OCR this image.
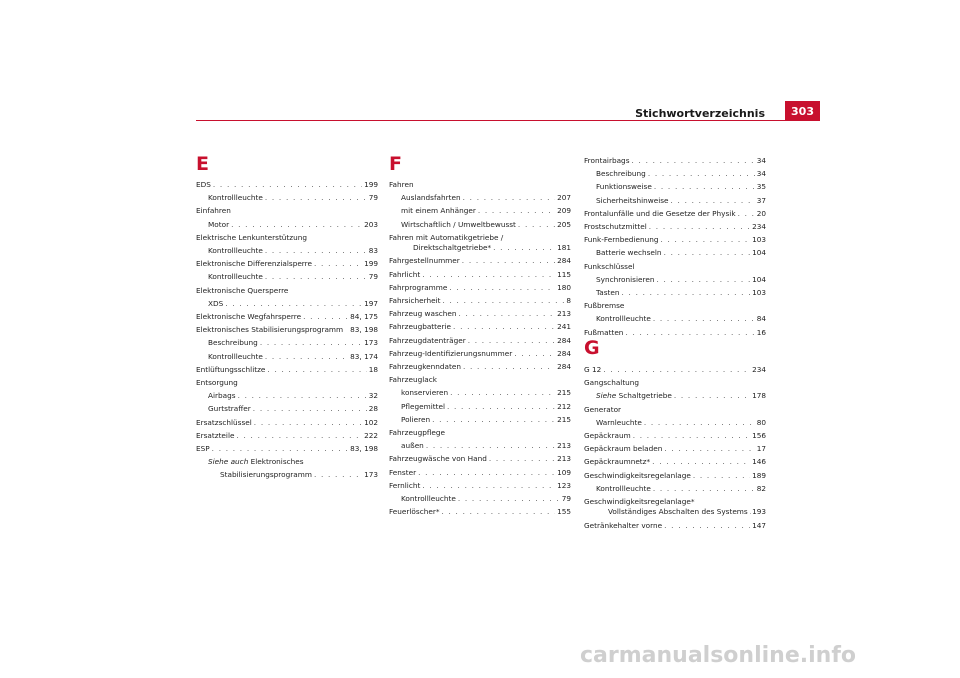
Stichwortverzeichnis	303
E
EDS . . .	199
Kontrollleuchte . . .	79
Einfahren
Motor . . .	203
Elektrische Lenkunterstützung
Kontrollleuchte . . .	83
Elektronische Differenzialsperre . . .	199
Kontrollleuchte . . .	79
Elektronische Quersperre
XDS . . .	197
Elektronische Wegfahrsperre . . .	84, 175
Elektronisches Stabilisierungsprogramm 83, 198
Beschreibung . . .	173
Kontrollleuchte . . .	83, 174
Entlüftungsschlitze . . .	18
Entsorgung
Airbags . . .	32
Gurtstraffer . . .	28
Ersatzschlüssel . . .	102
Ersatzteile . . .	222
ESP . . .	83, 198
Siehe auch Elektronisches
Stabilisierungsprogramm . . .	173
F
Fahren
Auslandsfahrten . . .	207
mit einem Anhänger . . .	209
Wirtschaftlich / Umweltbewusst . . .	205
Fahren mit Automatikgetriebe /
Direktschaltgetriebe* . . .	181
Fahrgestellnummer . . .	284
Fahrlicht . . .	115
Fahrprogramme . . .	180
Fahrsicherheit . . .	8
Fahrzeug waschen . . .	213
Fahrzeugbatterie . . .	241
Fahrzeugdatenträger . . .	284
Fahrzeug-Identifizierungsnummer . . .	284
Fahrzeugkenndaten . . .	284
Fahrzeuglack
konservieren . . .	215
Pflegemittel . . .	212
Polieren . . .	215
Fahrzeugpflege
außen . . .	213
Fahrzeugwäsche von Hand . . .	213
Fenster . . .	109
Fernlicht . . .	123
Kontrollleuchte . . .	79
Feuerlöscher* . . .	155
Frontairbags . . .	34
Beschreibung . . .	34
Funktionsweise . . .	35
Sicherheitshinweise . . .	37
Frontalunfälle und die Gesetze der Physik . . .	20
Frostschutzmittel . . .	234
Funk-Fernbedienung . . .	103
Batterie wechseln . . .	104
Funkschlüssel
Synchronisieren . . .	104
Tasten . . .	103
Fußbremse
Kontrollleuchte . . .	84
Fußmatten . . .	16
G
G 12 . . .	234
Gangschaltung
Siehe Schaltgetriebe . . .	178
Generator
Warnleuchte . . .	80
Gepäckraum . . .	156
Gepäckraum beladen . . .	17
Gepäckraumnetz* . . .	146
Geschwindigkeitsregelanlage . . .	189
Kontrollleuchte . . .	82
Geschwindigkeitsregelanlage*
Vollständiges Abschalten des Systems . . . 193
Getränkehalter vorne . . .	147
carmanualsonline.info
